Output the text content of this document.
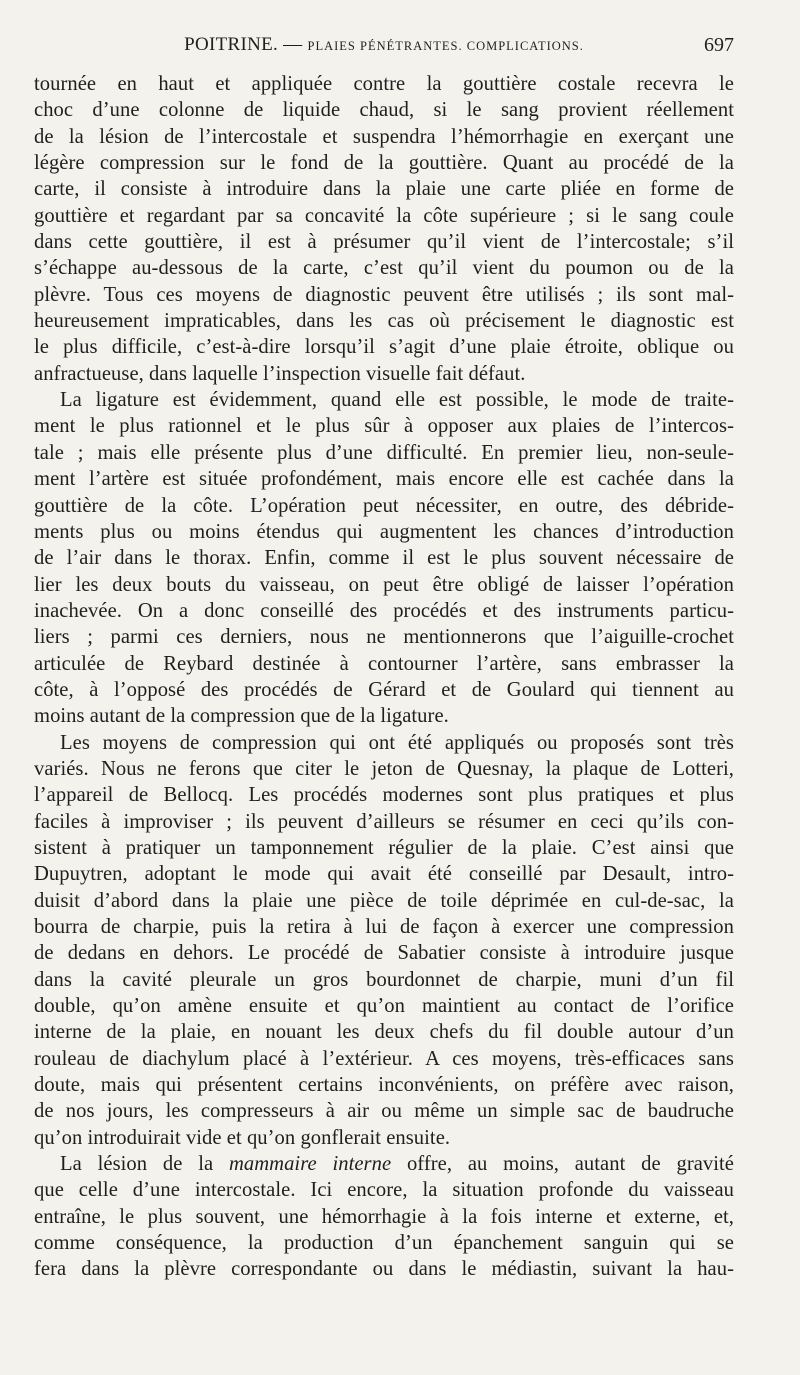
POITRINE. — PLAIES PÉNÉTRANTES. COMPLICATIONS.	697
tournée en haut et appliquée contre la gouttière costale recevra le
choc d’une colonne de liquide chaud, si le sang provient réellement
de la lésion de l’intercostale et suspendra l’hémorrhagie en exerçant une
légère compression sur le fond de la gouttière. Quant au procédé de la
carte, il consiste à introduire dans la plaie une carte pliée en forme de
gouttière et regardant par sa concavité la côte supérieure ; si le sang coule
dans cette gouttière, il est à présumer qu’il vient de l’intercostale; s’il
s’échappe au-dessous de la carte, c’est qu’il vient du poumon ou de la
plèvre. Tous ces moyens de diagnostic peuvent être utilisés ; ils sont mal-
heureusement impraticables, dans les cas où précisement le diagnostic est
le plus difficile, c’est-à-dire lorsqu’il s’agit d’une plaie étroite, oblique ou
anfractueuse, dans laquelle l’inspection visuelle fait défaut.
La ligature est évidemment, quand elle est possible, le mode de traite-
ment le plus rationnel et le plus sûr à opposer aux plaies de l’intercos-
tale ; mais elle présente plus d’une difficulté. En premier lieu, non-seule-
ment l’artère est située profondément, mais encore elle est cachée dans la
gouttière de la côte. L’opération peut nécessiter, en outre, des débride-
ments plus ou moins étendus qui augmentent les chances d’introduction
de l’air dans le thorax. Enfin, comme il est le plus souvent nécessaire de
lier les deux bouts du vaisseau, on peut être obligé de laisser l’opération
inachevée. On a donc conseillé des procédés et des instruments particu-
liers ; parmi ces derniers, nous ne mentionnerons que l’aiguille-crochet
articulée de Reybard destinée à contourner l’artère, sans embrasser la
côte, à l’opposé des procédés de Gérard et de Goulard qui tiennent au
moins autant de la compression que de la ligature.
Les moyens de compression qui ont été appliqués ou proposés sont très
variés. Nous ne ferons que citer le jeton de Quesnay, la plaque de Lotteri,
l’appareil de Bellocq. Les procédés modernes sont plus pratiques et plus
faciles à improviser ; ils peuvent d’ailleurs se résumer en ceci qu’ils con-
sistent à pratiquer un tamponnement régulier de la plaie. C’est ainsi que
Dupuytren, adoptant le mode qui avait été conseillé par Desault, intro-
duisit d’abord dans la plaie une pièce de toile déprimée en cul-de-sac, la
bourra de charpie, puis la retira à lui de façon à exercer une compression
de dedans en dehors. Le procédé de Sabatier consiste à introduire jusque
dans la cavité pleurale un gros bourdonnet de charpie, muni d’un fil
double, qu’on amène ensuite et qu’on maintient au contact de l’orifice
interne de la plaie, en nouant les deux chefs du fil double autour d’un
rouleau de diachylum placé à l’extérieur. A ces moyens, très-efficaces sans
doute, mais qui présentent certains inconvénients, on préfère avec raison,
de nos jours, les compresseurs à air ou même un simple sac de baudruche
qu’on introduirait vide et qu’on gonflerait ensuite.
La lésion de la mammaire interne offre, au moins, autant de gravité
que celle d’une intercostale. Ici encore, la situation profonde du vaisseau
entraîne, le plus souvent, une hémorrhagie à la fois interne et externe, et,
comme conséquence, la production d’un épanchement sanguin qui se
fera dans la plèvre correspondante ou dans le médiastin, suivant la hau-
